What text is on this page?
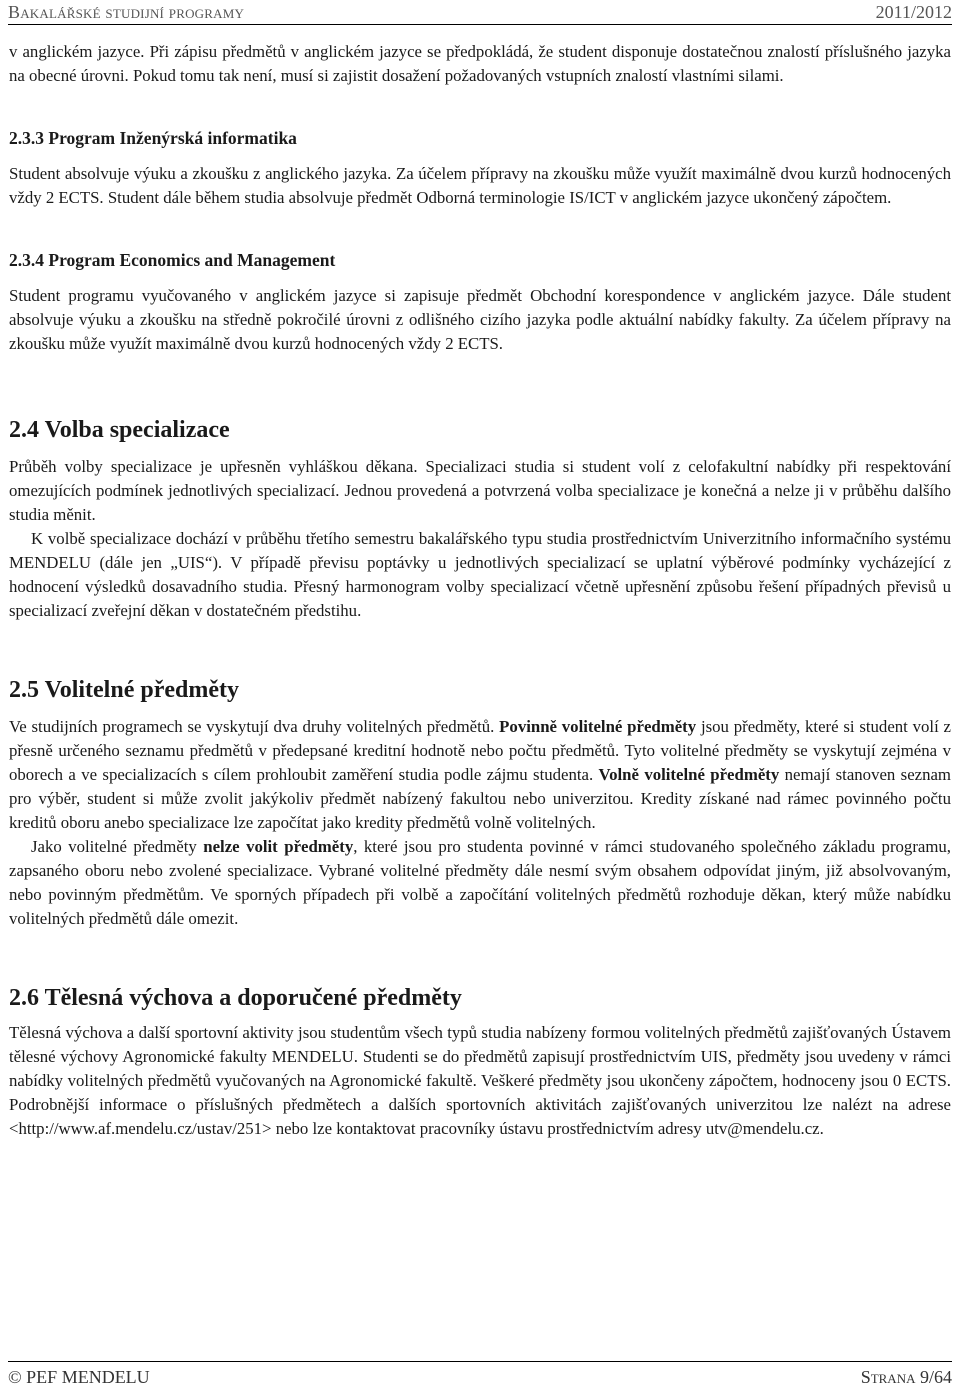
Bakalářské studijní programy	2011/2012

v anglickém jazyce. Při zápisu předmětů v anglickém jazyce se předpokládá, že student disponuje dostatečnou znalostí příslušného jazyka na obecné úrovni. Pokud tomu tak není, musí si zajistit dosažení požadovaných vstupních znalostí vlastními silami.

2.3.3 Program Inženýrská informatika

Student absolvuje výuku a zkoušku z anglického jazyka. Za účelem přípravy na zkoušku může využít maximálně dvou kurzů hodnocených vždy 2 ECTS. Student dále během studia absolvuje předmět Odborná terminologie IS/ICT v anglickém jazyce ukončený zápočtem.

2.3.4 Program Economics and Management

Student programu vyučovaného v anglickém jazyce si zapisuje předmět Obchodní korespondence v anglickém jazyce. Dále student absolvuje výuku a zkoušku na středně pokročilé úrovni z odlišného cizího jazyka podle aktuální nabídky fakulty. Za účelem přípravy na zkoušku může využít maximálně dvou kurzů hodnocených vždy 2 ECTS.

2.4 Volba specializace

Průběh volby specializace je upřesněn vyhláškou děkana. Specializaci studia si student volí z celofakultní nabídky při respektování omezujících podmínek jednotlivých specializací. Jednou provedená a potvrzená volba specializace je konečná a nelze ji v průběhu dalšího studia měnit.

K volbě specializace dochází v průběhu třetího semestru bakalářského typu studia prostřednictvím Univerzitního informačního systému MENDELU (dále jen „UIS“). V případě převisu poptávky u jednotlivých specializací se uplatní výběrové podmínky vycházející z hodnocení výsledků dosavadního studia. Přesný harmonogram volby specializací včetně upřesnění způsobu řešení případných převisů u specializací zveřejní děkan v dostatečném předstihu.

2.5 Volitelné předměty

Ve studijních programech se vyskytují dva druhy volitelných předmětů. Povinně volitelné předměty jsou předměty, které si student volí z přesně určeného seznamu předmětů v předepsané kreditní hodnotě nebo počtu předmětů. Tyto volitelné předměty se vyskytují zejména v oborech a ve specializacích s cílem prohloubit zaměření studia podle zájmu studenta. Volně volitelné předměty nemají stanoven seznam pro výběr, student si může zvolit jakýkoliv předmět nabízený fakultou nebo univerzitou. Kredity získané nad rámec povinného počtu kreditů oboru anebo specializace lze započítat jako kredity předmětů volně volitelných.

Jako volitelné předměty nelze volit předměty, které jsou pro studenta povinné v rámci studovaného společného základu programu, zapsaného oboru nebo zvolené specializace. Vybrané volitelné předměty dále nesmí svým obsahem odpovídat jiným, již absolvovaným, nebo povinným předmětům. Ve sporných případech při volbě a započítání volitelných předmětů rozhoduje děkan, který může nabídku volitelných předmětů dále omezit.

2.6 Tělesná výchova a doporučené předměty

Tělesná výchova a další sportovní aktivity jsou studentům všech typů studia nabízeny formou volitelných předmětů zajišťovaných Ústavem tělesné výchovy Agronomické fakulty MENDELU. Studenti se do předmětů zapisují prostřednictvím UIS, předměty jsou uvedeny v rámci nabídky volitelných předmětů vyučovaných na Agronomické fakultě. Veškeré předměty jsou ukončeny zápočtem, hodnoceny jsou 0 ECTS. Podrobnější informace o příslušných předmětech a dalších sportovních aktivitách zajišťovaných univerzitou lze nalézt na adrese <http://www.af.mendelu.cz/ustav/251> nebo lze kontaktovat pracovníky ústavu prostřednictvím adresy utv@mendelu.cz.

© PEF MENDELU	Strana 9/64
